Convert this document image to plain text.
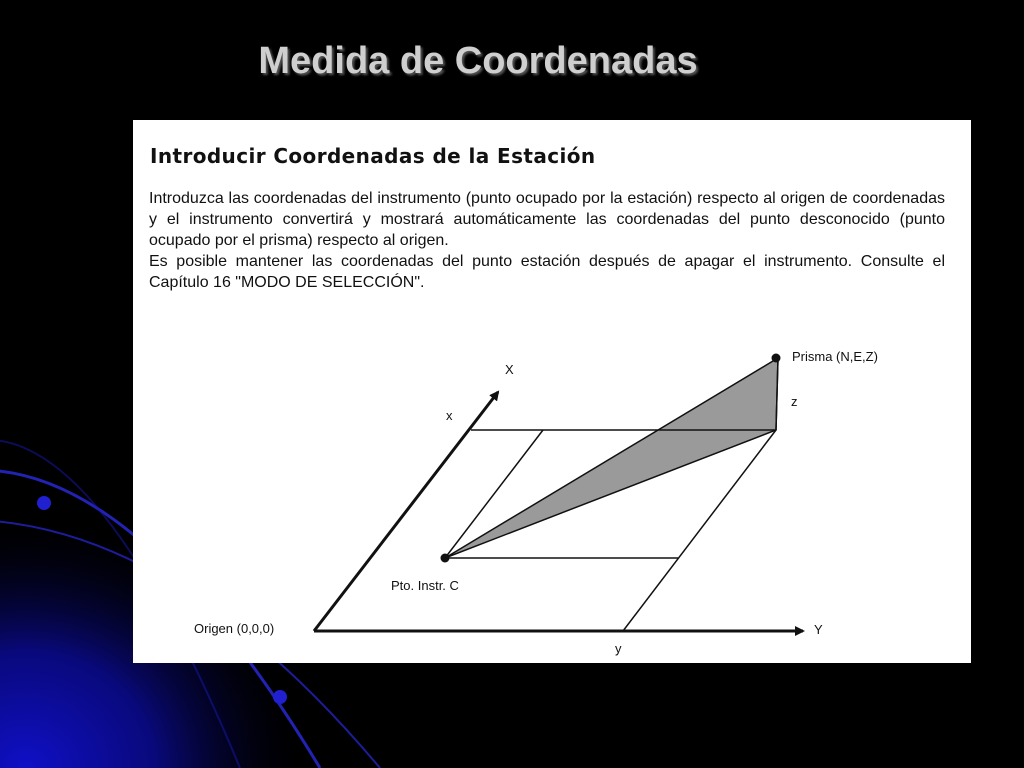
Medida de Coordenadas
X
x
Y
y
z
Origen (0,0,0)
Pto. Instr. C
Prisma (N,E,Z)
Introducir Coordenadas de la Estación

Introduzca las coordenadas del instrumento (punto ocupado por la estación) respecto al origen de coordenadas y el instrumento convertirá y mostrará automáticamente las coordenadas del punto desconocido (punto ocupado por el prisma) respecto al origen.

Es posible mantener las coordenadas del punto estación después de apagar el instrumento. Consulte el Capítulo 16 "MODO DE SELECCIÓN".
